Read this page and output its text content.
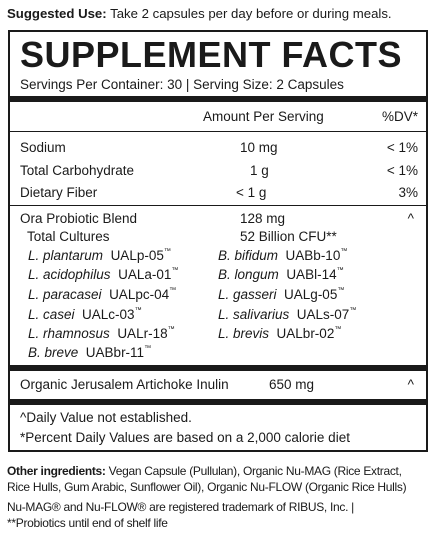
Suggested Use: Take 2 capsules per day before or during meals.
SUPPLEMENT FACTS
Servings Per Container: 30 | Serving Size: 2 Capsules
Amount Per Serving	%DV*
Sodium	10 mg	< 1%
Total Carbohydrate	1 g	< 1%
Dietary Fiber	< 1 g	3%
Ora Probiotic Blend	128 mg	^
Total Cultures	52 Billion CFU**
L. plantarum UALp-05™	B. bifidum UABb-10™
L. acidophilus UALa-01™	B. longum UABl-14™
L. paracasei UALpc-04™	L. gasseri UALg-05™
L. casei UALc-03™	L. salivarius UALs-07™
L. rhamnosus UALr-18™	L. brevis UALbr-02™
B. breve UABbr-11™
Organic Jerusalem Artichoke Inulin	650 mg	^
^Daily Value not established.
*Percent Daily Values are based on a 2,000 calorie diet
Other ingredients: Vegan Capsule (Pullulan), Organic Nu-MAG (Rice Extract,
Rice Hulls, Gum Arabic, Sunflower Oil), Organic Nu-FLOW (Organic Rice Hulls)
Nu-MAG® and Nu-FLOW® are registered trademark of RIBUS, Inc. |
**Probiotics until end of shelf life
